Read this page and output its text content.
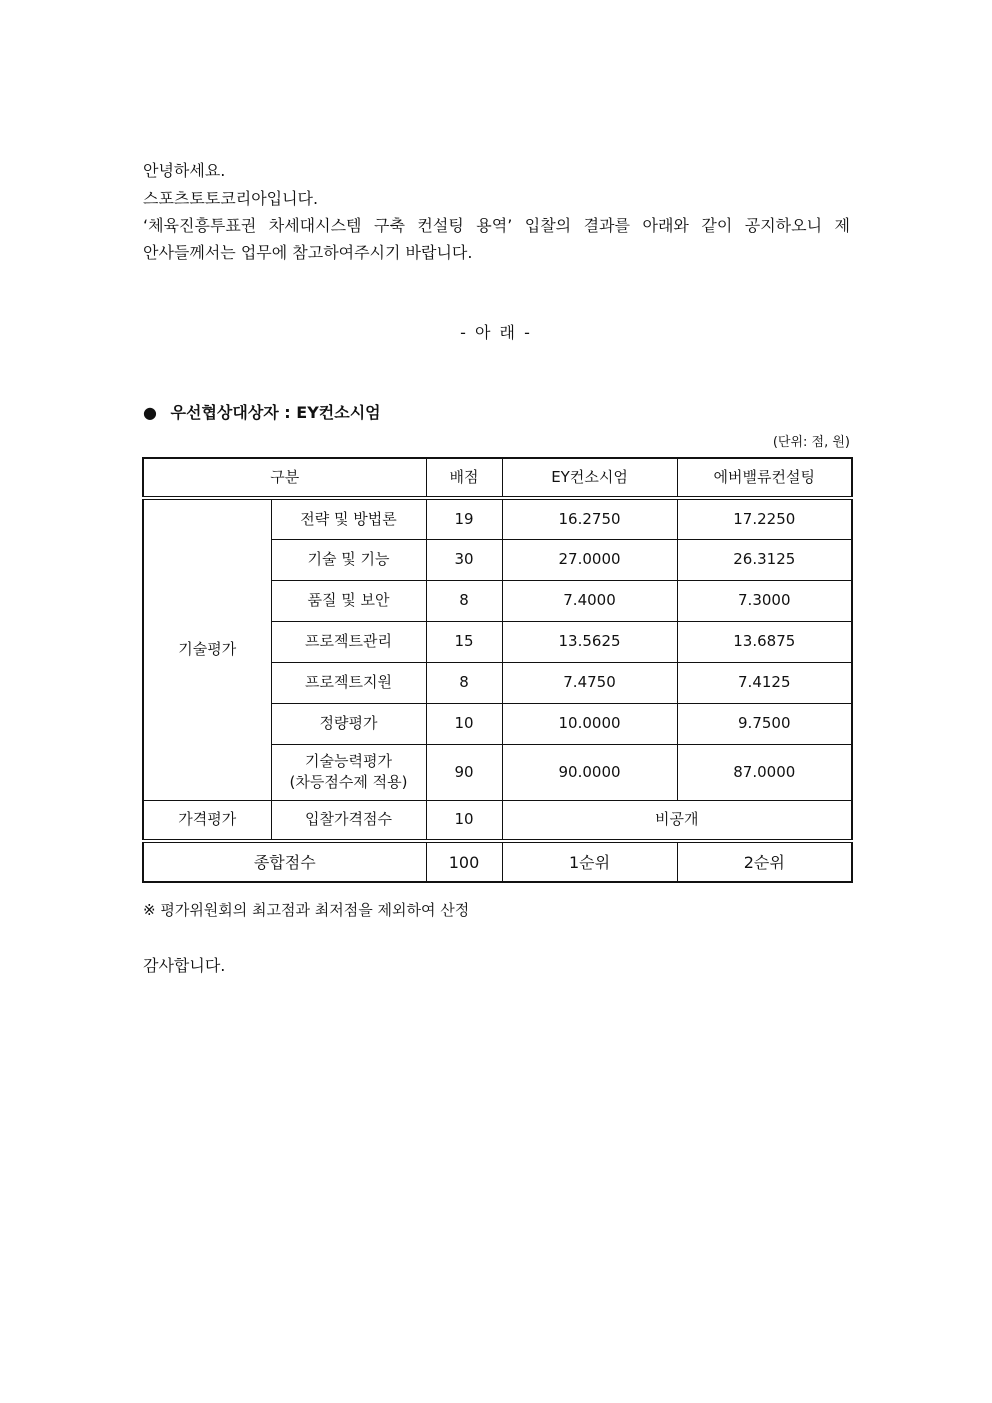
안녕하세요.

스포츠토토코리아입니다.

‘체육진흥투표권 차세대시스템 구축 컨설팅 용역’ 입찰의 결과를 아래와 같이 공지하오니 제

안사들께서는 업무에 참고하여주시기 바랍니다.

- 아 래 -
● 우선협상대상자 : EY컨소시엄
(단위: 점, 원)
구분		배점	EY컨소시엄	에버밸류컨설팅
기술평가	전략 및 방법론	19	16.2750	17.2250
	기술 및 기능	30	27.0000	26.3125
	품질 및 보안	8	7.4000	7.3000
	프로젝트관리	15	13.5625	13.6875
	프로젝트지원	8	7.4750	7.4125
	정량평가	10	10.0000	9.7500

	기술능력평가
(차등점수제 적용)	90	90.0000	87.0000
가격평가	입찰가격점수	10	비공개	
종합점수		100	1순위	2순위
※ 평가위원회의 최고점과 최저점을 제외하여 산정
감사합니다.
